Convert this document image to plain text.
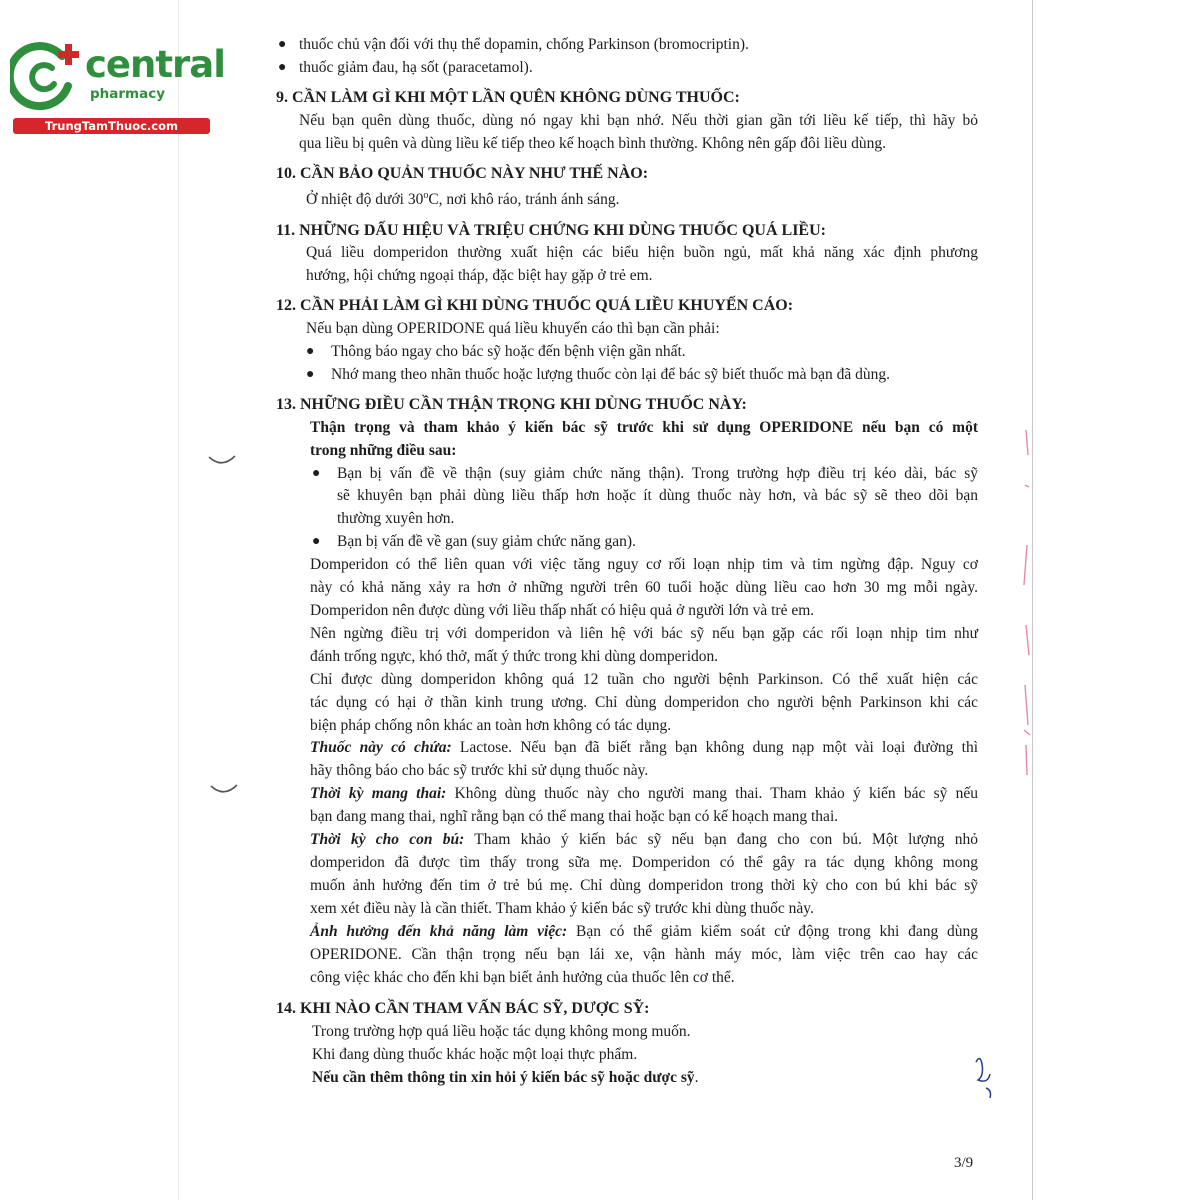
central
pharmacy
TrungTamThuoc.com
● thuốc chủ vận đối với thụ thể dopamin, chống Parkinson (bromocriptin).
● thuốc giảm đau, hạ sốt (paracetamol).
9. CẦN LÀM GÌ KHI MỘT LẦN QUÊN KHÔNG DÙNG THUỐC:
Nếu bạn quên dùng thuốc, dùng nó ngay khi bạn nhớ. Nếu thời gian gần tới liều kế tiếp, thì hãy bỏ
qua liều bị quên và dùng liều kế tiếp theo kế hoạch bình thường. Không nên gấp đôi liều dùng.
10. CẦN BẢO QUẢN THUỐC NÀY NHƯ THẾ NÀO:
Ở nhiệt độ dưới 30$^o$C, nơi khô ráo, tránh ánh sáng.
11. NHỮNG DẤU HIỆU VÀ TRIỆU CHỨNG KHI DÙNG THUỐC QUÁ LIỀU:
Quá liều domperidon thường xuất hiện các biểu hiện buồn ngủ, mất khả năng xác định phương
hướng, hội chứng ngoại tháp, đặc biệt hay gặp ở trẻ em.
12. CẦN PHẢI LÀM GÌ KHI DÙNG THUỐC QUÁ LIỀU KHUYẾN CÁO:
Nếu bạn dùng OPERIDONE quá liều khuyến cáo thì bạn cần phải:
● Thông báo ngay cho bác sỹ hoặc đến bệnh viện gần nhất.
● Nhớ mang theo nhãn thuốc hoặc lượng thuốc còn lại để bác sỹ biết thuốc mà bạn đã dùng.
13. NHỮNG ĐIỀU CẦN THẬN TRỌNG KHI DÙNG THUỐC NÀY:
Thận trọng và tham khảo ý kiến bác sỹ trước khi sử dụng OPERIDONE nếu bạn có một
trong những điều sau:
● Bạn bị vấn đề về thận (suy giảm chức năng thận). Trong trường hợp điều trị kéo dài, bác sỹ
sẽ khuyên bạn phải dùng liều thấp hơn hoặc ít dùng thuốc này hơn, và bác sỹ sẽ theo dõi bạn
thường xuyên hơn.
● Bạn bị vấn đề về gan (suy giảm chức năng gan).
Domperidon có thể liên quan với việc tăng nguy cơ rối loạn nhịp tim và tim ngừng đập. Nguy cơ
này có khả năng xảy ra hơn ở những người trên 60 tuổi hoặc dùng liều cao hơn 30 mg mỗi ngày.
Domperidon nên được dùng với liều thấp nhất có hiệu quả ở người lớn và trẻ em.
Nên ngừng điều trị với domperidon và liên hệ với bác sỹ nếu bạn gặp các rối loạn nhịp tim như
đánh trống ngực, khó thở, mất ý thức trong khi dùng domperidon.
Chỉ được dùng domperidon không quá 12 tuần cho người bệnh Parkinson. Có thể xuất hiện các
tác dụng có hại ở thần kinh trung ương. Chỉ dùng domperidon cho người bệnh Parkinson khi các
biện pháp chống nôn khác an toàn hơn không có tác dụng.
Thuốc này có chứa: Lactose. Nếu bạn đã biết rằng bạn không dung nạp một vài loại đường thì
hãy thông báo cho bác sỹ trước khi sử dụng thuốc này.
Thời kỳ mang thai: Không dùng thuốc này cho người mang thai. Tham khảo ý kiến bác sỹ nếu
bạn đang mang thai, nghĩ rằng bạn có thể mang thai hoặc bạn có kế hoạch mang thai.
Thời kỳ cho con bú: Tham khảo ý kiến bác sỹ nếu bạn đang cho con bú. Một lượng nhỏ
domperidon đã được tìm thấy trong sữa mẹ. Domperidon có thể gây ra tác dụng không mong
muốn ảnh hưởng đến tim ở trẻ bú mẹ. Chỉ dùng domperidon trong thời kỳ cho con bú khi bác sỹ
xem xét điều này là cần thiết. Tham khảo ý kiến bác sỹ trước khi dùng thuốc này.
Ảnh hưởng đến khả năng làm việc: Bạn có thể giảm kiểm soát cử động trong khi đang dùng
OPERIDONE. Cần thận trọng nếu bạn lái xe, vận hành máy móc, làm việc trên cao hay các
công việc khác cho đến khi bạn biết ảnh hưởng của thuốc lên cơ thể.
14. KHI NÀO CẦN THAM VẤN BÁC SỸ, DƯỢC SỸ:
Trong trường hợp quá liều hoặc tác dụng không mong muốn.
Khi đang dùng thuốc khác hoặc một loại thực phẩm.
Nếu cần thêm thông tin xin hỏi ý kiến bác sỹ hoặc dược sỹ.
3/9
